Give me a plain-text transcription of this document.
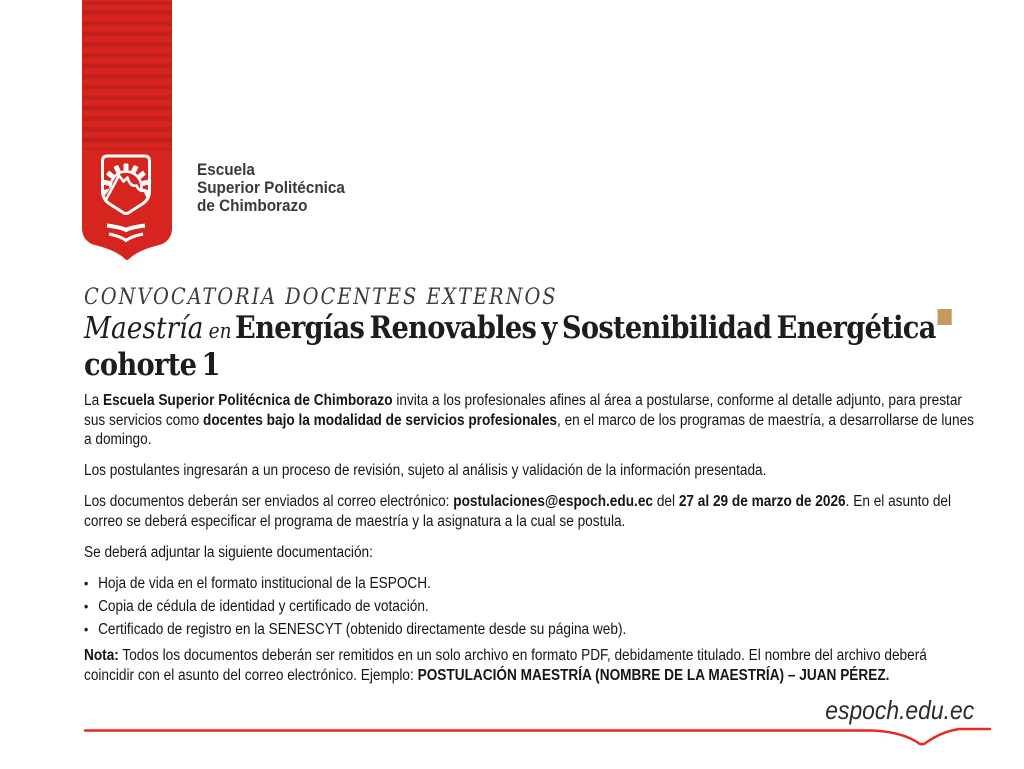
Escuela
Superior Politécnica
de Chimborazo
CONVOCATORIA DOCENTES EXTERNOS
Maestría en Energías Renovables y Sostenibilidad Energética
cohorte 1

La Escuela Superior Politécnica de Chimborazo invita a los profesionales afines al área a postularse, conforme al detalle adjunto, para prestar sus servicios como docentes bajo la modalidad de servicios profesionales, en el marco de los programas de maestría, a desarrollarse de lunes a domingo.

Los postulantes ingresarán a un proceso de revisión, sujeto al análisis y validación de la información presentada.

Los documentos deberán ser enviados al correo electrónico: postulaciones@espoch.edu.ec del 27 al 29 de marzo de 2026. En el asunto del correo se deberá especificar el programa de maestría y la asignatura a la cual se postula.

Se deberá adjuntar la siguiente documentación:

• Hoja de vida en el formato institucional de la ESPOCH.
• Copia de cédula de identidad y certificado de votación.
• Certificado de registro en la SENESCYT (obtenido directamente desde su página web).

Nota: Todos los documentos deberán ser remitidos en un solo archivo en formato PDF, debidamente titulado. El nombre del archivo deberá coincidir con el asunto del correo electrónico. Ejemplo: POSTULACIÓN MAESTRÍA (NOMBRE DE LA MAESTRÍA) – JUAN PÉREZ.

espoch.edu.ec
